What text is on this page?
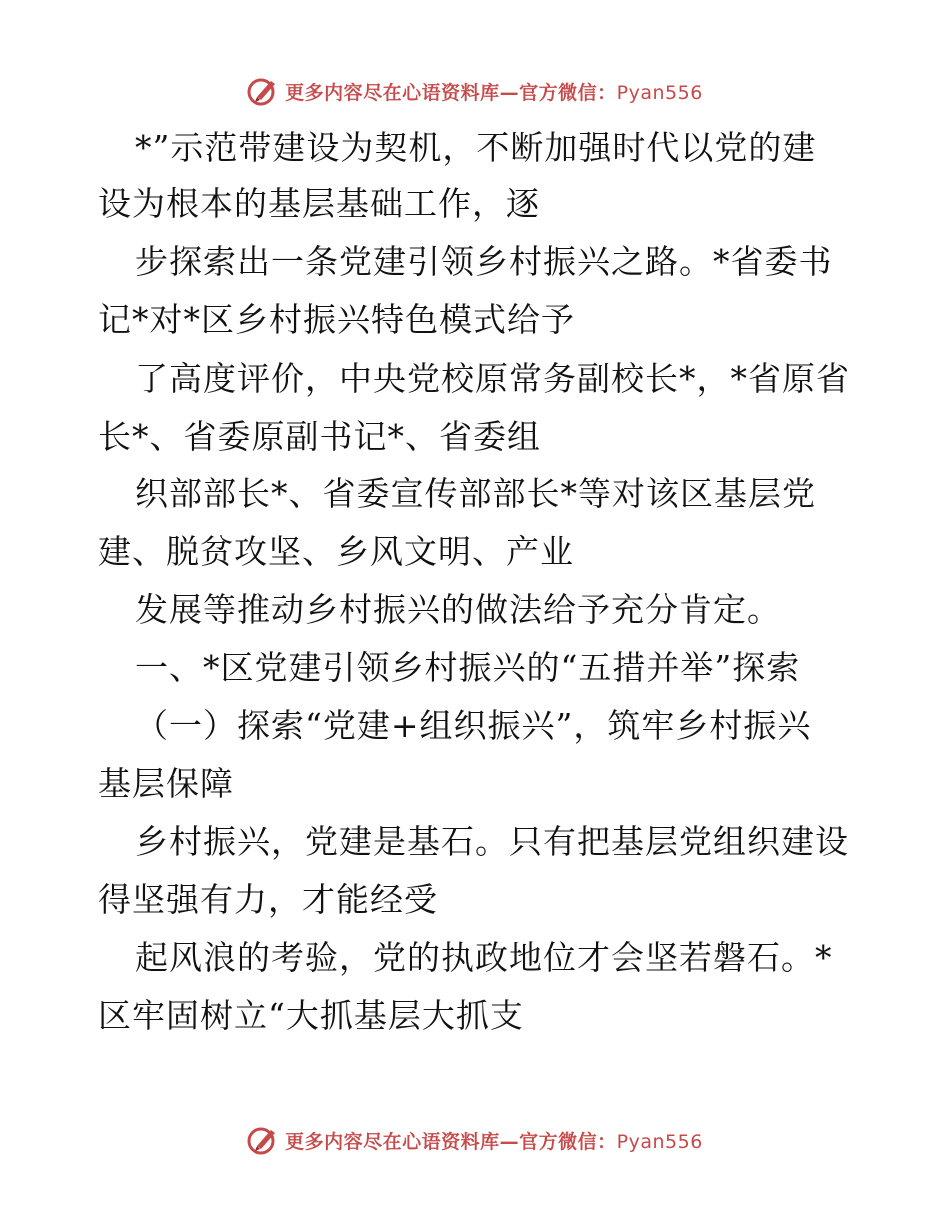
更多内容尽在心语资料库—官方微信：Pyan556
*”示范带建设为契机，不断加强时代以党的建
设为根本的基层基础工作，逐
步探索出一条党建引领乡村振兴之路。*省委书
记*对*区乡村振兴特色模式给予
了高度评价，中央党校原常务副校长*，*省原省
长*、省委原副书记*、省委组
织部部长*、省委宣传部部长*等对该区基层党
建、脱贫攻坚、乡风文明、产业
发展等推动乡村振兴的做法给予充分肯定。
一、*区党建引领乡村振兴的“五措并举”探索
（一）探索“党建+组织振兴”，筑牢乡村振兴
基层保障
乡村振兴，党建是基石。只有把基层党组织建设
得坚强有力，才能经受
起风浪的考验，党的执政地位才会坚若磐石。*
区牢固树立“大抓基层大抓支
更多内容尽在心语资料库—官方微信：Pyan556
